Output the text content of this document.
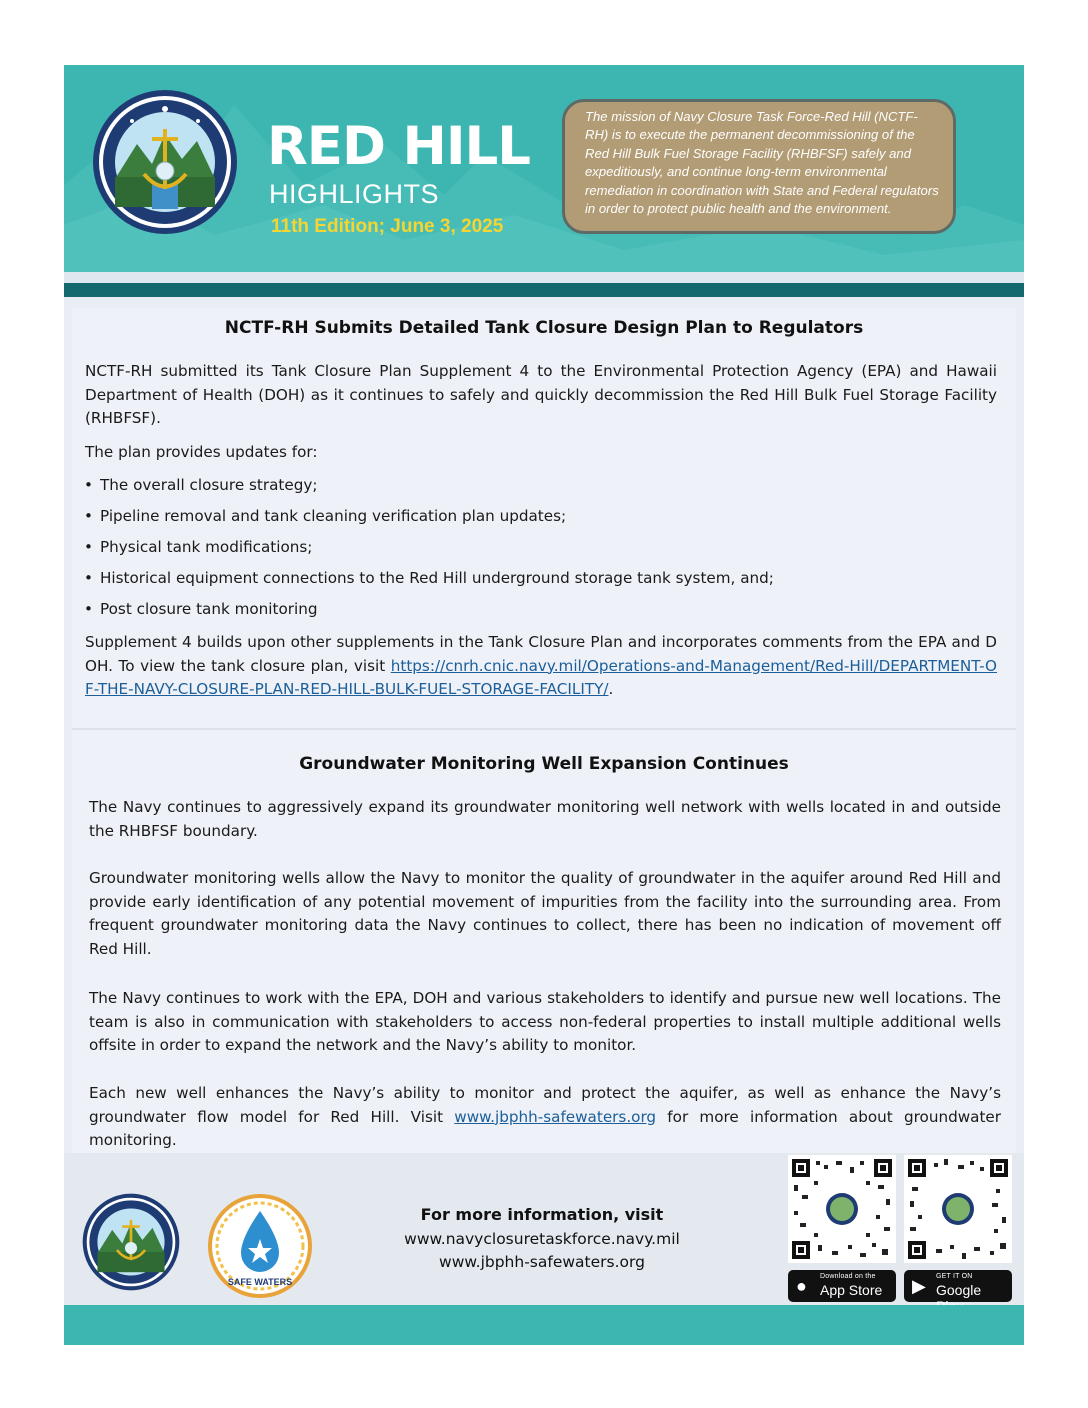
RED HILL
HIGHLIGHTS
11th Edition; June 3, 2025
The mission of Navy Closure Task Force-Red Hill (NCTF-RH) is to execute the permanent decommissioning of the Red Hill Bulk Fuel Storage Facility (RHBFSF) safely and expeditiously, and continue long-term environmental remediation in coordination with State and Federal regulators in order to protect public health and the environment.
NCTF-RH Submits Detailed Tank Closure Design Plan to Regulators
NCTF-RH submitted its Tank Closure Plan Supplement 4 to the Environmental Protection Agency (EPA) and Hawaii Department of Health (DOH) as it continues to safely and quickly decommission the Red Hill Bulk Fuel Storage Facility (RHBFSF).
The plan provides updates for:
• The overall closure strategy;
• Pipeline removal and tank cleaning verification plan updates;
• Physical tank modifications;
• Historical equipment connections to the Red Hill underground storage tank system, and;
• Post closure tank monitoring
Supplement 4 builds upon other supplements in the Tank Closure Plan and incorporates comments from the EPA and DOH. To view the tank closure plan, visit https://cnrh.cnic.navy.mil/Operations-and-Management/Red-Hill/DEPARTMENT-OF-THE-NAVY-CLOSURE-PLAN-RED-HILL-BULK-FUEL-STORAGE-FACILITY/.
Groundwater Monitoring Well Expansion Continues
The Navy continues to aggressively expand its groundwater monitoring well network with wells located in and outside the RHBFSF boundary.
Groundwater monitoring wells allow the Navy to monitor the quality of groundwater in the aquifer around Red Hill and provide early identification of any potential movement of impurities from the facility into the surrounding area. From frequent groundwater monitoring data the Navy continues to collect, there has been no indication of movement off Red Hill.
The Navy continues to work with the EPA, DOH and various stakeholders to identify and pursue new well locations. The team is also in communication with stakeholders to access non-federal properties to install multiple additional wells offsite in order to expand the network and the Navy’s ability to monitor.
Each new well enhances the Navy’s ability to monitor and protect the aquifer, as well as enhance the Navy’s groundwater flow model for Red Hill. Visit www.jbphh-safewaters.org for more information about groundwater monitoring.
SAFE WATERS
For more information, visit
www.navyclosuretaskforce.navy.mil
www.jbphh-safewaters.org
● Download on the
App Store ▶ GET IT ON
Google
